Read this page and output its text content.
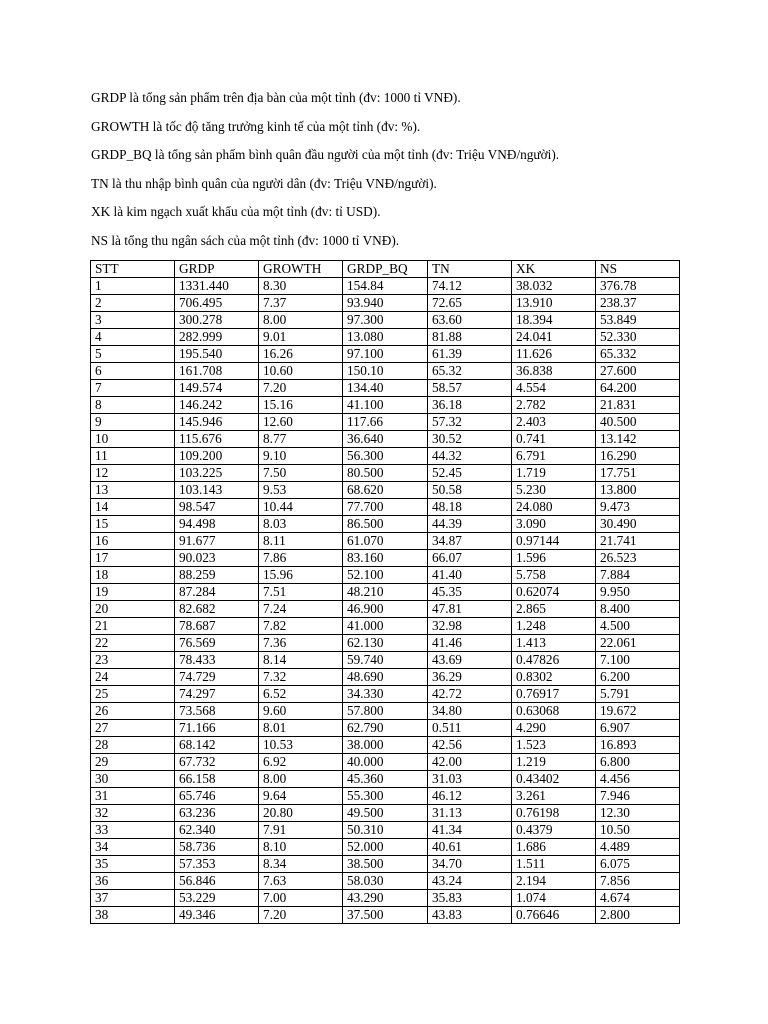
GRDP là tổng sản phẩm trên địa bàn của một tỉnh (đv: 1000 tỉ VNĐ).

GROWTH là tốc độ tăng trưởng kinh tế của một tỉnh (đv: %).

GRDP_BQ là tổng sản phẩm bình quân đầu người của một tỉnh (đv: Triệu VNĐ/người).

TN là thu nhập bình quân của người dân (đv: Triệu VNĐ/người).

XK là kim ngạch xuất khẩu của một tỉnh (đv: tỉ USD).

NS là tổng thu ngân sách của một tỉnh (đv: 1000 tỉ VNĐ).

STT	GRDP	GROWTH	GRDP_BQ	TN	XK	NS
1	1331.440	8.30	154.84	74.12	38.032	376.78
2	706.495	7.37	93.940	72.65	13.910	238.37
3	300.278	8.00	97.300	63.60	18.394	53.849
4	282.999	9.01	13.080	81.88	24.041	52.330
5	195.540	16.26	97.100	61.39	11.626	65.332
6	161.708	10.60	150.10	65.32	36.838	27.600
7	149.574	7.20	134.40	58.57	4.554	64.200
8	146.242	15.16	41.100	36.18	2.782	21.831
9	145.946	12.60	117.66	57.32	2.403	40.500
10	115.676	8.77	36.640	30.52	0.741	13.142
11	109.200	9.10	56.300	44.32	6.791	16.290
12	103.225	7.50	80.500	52.45	1.719	17.751
13	103.143	9.53	68.620	50.58	5.230	13.800
14	98.547	10.44	77.700	48.18	24.080	9.473
15	94.498	8.03	86.500	44.39	3.090	30.490
16	91.677	8.11	61.070	34.87	0.97144	21.741
17	90.023	7.86	83.160	66.07	1.596	26.523
18	88.259	15.96	52.100	41.40	5.758	7.884
19	87.284	7.51	48.210	45.35	0.62074	9.950
20	82.682	7.24	46.900	47.81	2.865	8.400
21	78.687	7.82	41.000	32.98	1.248	4.500
22	76.569	7.36	62.130	41.46	1.413	22.061
23	78.433	8.14	59.740	43.69	0.47826	7.100
24	74.729	7.32	48.690	36.29	0.8302	6.200
25	74.297	6.52	34.330	42.72	0.76917	5.791
26	73.568	9.60	57.800	34.80	0.63068	19.672
27	71.166	8.01	62.790	0.511	4.290	6.907
28	68.142	10.53	38.000	42.56	1.523	16.893
29	67.732	6.92	40.000	42.00	1.219	6.800
30	66.158	8.00	45.360	31.03	0.43402	4.456
31	65.746	9.64	55.300	46.12	3.261	7.946
32	63.236	20.80	49.500	31.13	0.76198	12.30
33	62.340	7.91	50.310	41.34	0.4379	10.50
34	58.736	8.10	52.000	40.61	1.686	4.489
35	57.353	8.34	38.500	34.70	1.511	6.075
36	56.846	7.63	58.030	43.24	2.194	7.856
37	53.229	7.00	43.290	35.83	1.074	4.674
38	49.346	7.20	37.500	43.83	0.76646	2.800
